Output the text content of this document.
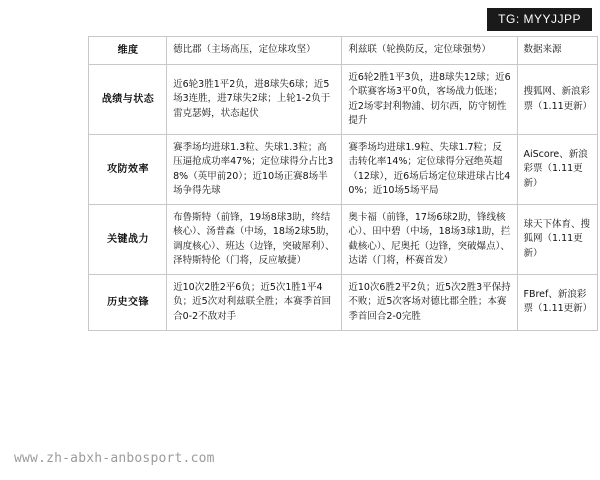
TG: MYYJJPP
维度	德比郡（主场高压，定位球攻坚）	利兹联（轮换防反，定位球强势）	数据来源
战绩与状态	近6轮3胜1平2负，进8球失6球；近5场3连胜，进7球失2球；上轮1-2负于雷克瑟姆，状态起伏	近6轮2胜1平3负，进8球失12球；近6个联赛客场3平0负，客场战力低迷；近2场零封利物浦、切尔西，防守韧性提升	搜狐网、新浪彩票（1.11更新）
攻防效率	赛季场均进球1.3粒、失球1.3粒；高压逼抢成功率47%；定位球得分占比38%（英甲前20）；近10场正赛8场半场争得先球	赛季场均进球1.9粒、失球1.7粒；反击转化率14%；定位球得分冠绝英超（12球），近6场后场定位球进球占比40%；近10场5场平局	AiScore、新浪彩票（1.11更新）
关键战力	布鲁斯特（前锋，19场8球3助，终结核心）、汤普森（中场，18场2球5助，调度核心）、班达（边锋，突破犀利）、泽特斯特伦（门将，反应敏捷）	奥卡福（前锋，17场6球2助，锋线核心）、田中碧（中场，18场3球1助，拦截核心）、尼奥托（边锋，突破爆点）、达诺（门将，杯赛首发）	球天下体育、搜狐网（1.11更新）
历史交锋	近10次2胜2平6负；近5次1胜1平4负；近5次对利兹联全胜；本赛季首回合0-2不敌对手	近10次6胜2平2负；近5次2胜3平保持不败；近5次客场对德比郡全胜；本赛季首回合2-0完胜	FBref、新浪彩票（1.11更新）
www.zh-abxh-anbosport.com
